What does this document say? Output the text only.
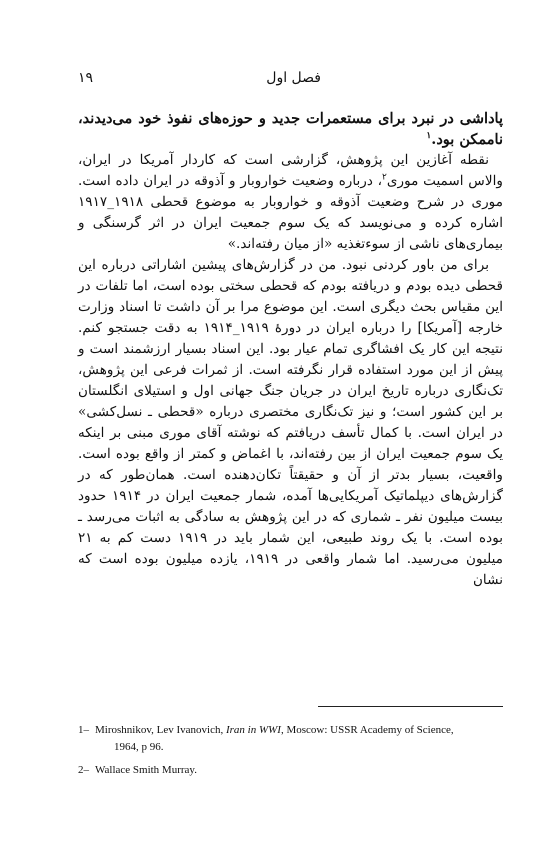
۱۹	فصل اول

پاداشی در نبرد برای مستعمرات جدید و حوزه‌های نفوذ خود می‌دیدند، ناممکن بود.$^۱$

نقطه آغازین این پژوهش، گزارشی است که کاردار آمریکا در ایران، والاس اسمیت موری$^۲$، درباره وضعیت خواروبار و آذوقه در ایران داده است. موری در شرح وضعیت آذوقه و خواروبار به موضوع قحطی ۱۹۱۸_۱۹۱۷ اشاره کرده و می‌نویسد که یک سوم جمعیت ایران در اثر گرسنگی و بیماری‌های ناشی از سوءتغذیه «از میان رفته‌اند.»

برای من باور کردنی نبود. من در گزارش‌های پیشین اشاراتی درباره این قحطی دیده بودم و دریافته بودم که قحطی سختی بوده است، اما تلفات در این مقیاس بحث دیگری است. این موضوع مرا بر آن داشت تا اسناد وزارت خارجه [آمریکا] را درباره ایران در دورهٔ ۱۹۱۹_۱۹۱۴ به دقت جستجو کنم. نتیجه این کار یک افشاگری تمام عیار بود. این اسناد بسیار ارزشمند است و پیش از این مورد استفاده قرار نگرفته است. از ثمرات فرعی این پژوهش، تک‌نگاری درباره تاریخ ایران در جریان جنگ جهانی اول و استیلای انگلستان بر این کشور است؛ و نیز تک‌نگاری مختصری درباره «قحطی ـ نسل‌کشی» در ایران است. با کمال تأسف دریافتم که نوشته آقای موری مبنی بر اینکه یک سوم جمعیت ایران از بین رفته‌اند، با اغماض و کمتر از واقع بوده است. واقعیت، بسیار بدتر از آن و حقیقتاً تکان‌دهنده است. همان‌طور که در گزارش‌های دیپلماتیک آمریکایی‌ها آمده، شمار جمعیت ایران در ۱۹۱۴ حدود بیست میلیون نفر ـ شماری که در این پژوهش به سادگی به اثبات می‌رسد ـ بوده است. با یک روند طبیعی، این شمار باید در ۱۹۱۹ دست کم به ۲۱ میلیون می‌رسید. اما شمار واقعی در ۱۹۱۹، یازده میلیون بوده است که نشان

1– Miroshnikov, Lev Ivanovich, Iran in WWI, Moscow: USSR Academy of Science,
1964, p 96.

2– Wallace Smith Murray.
